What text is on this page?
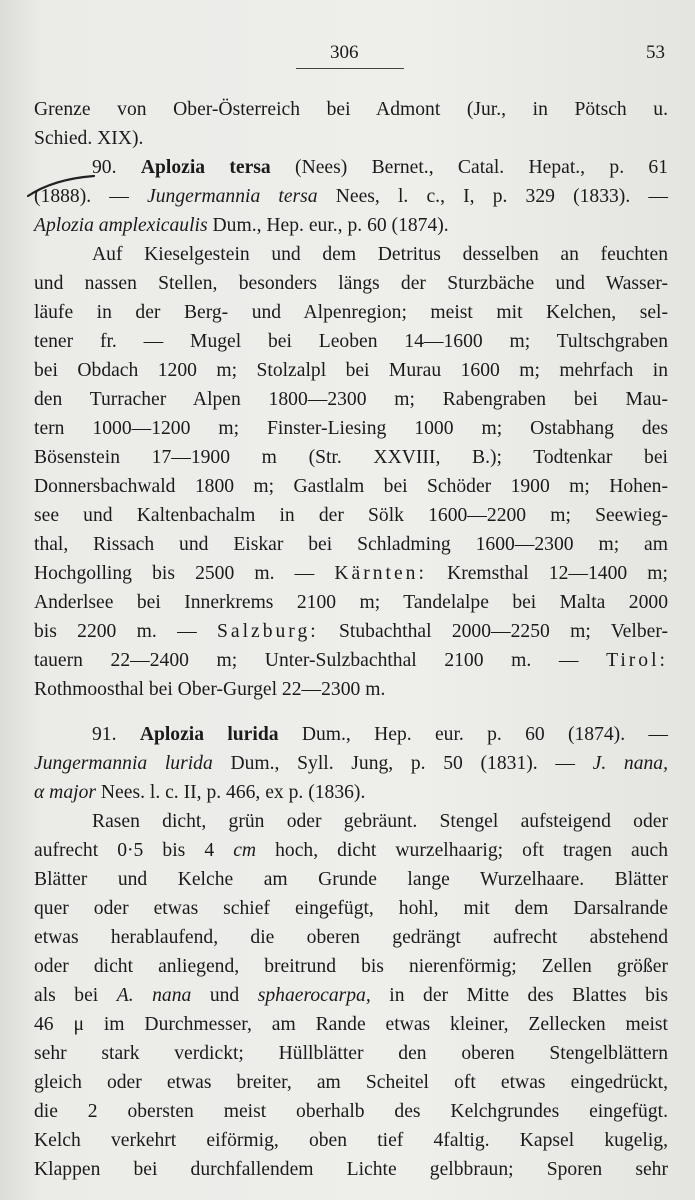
306	53
Grenze von Ober-Österreich bei Admont (Jur., in Pötsch u.
Schied. XIX).
90. Aplozia tersa (Nees) Bernet., Catal. Hepat., p. 61
(1888). — Jungermannia tersa Nees, l. c., I, p. 329 (1833). —
Aplozia amplexicaulis Dum., Hep. eur., p. 60 (1874).
Auf Kieselgestein und dem Detritus desselben an feuchten
und nassen Stellen, besonders längs der Sturzbäche und Wasser-
läufe in der Berg- und Alpenregion; meist mit Kelchen, sel-
tener fr. — Mugel bei Leoben 14—1600 m; Tultschgraben
bei Obdach 1200 m; Stolzalpl bei Murau 1600 m; mehrfach in
den Turracher Alpen 1800—2300 m; Rabengraben bei Mau-
tern 1000—1200 m; Finster-Liesing 1000 m; Ostabhang des
Bösenstein 17—1900 m (Str. XXVIII, B.); Todtenkar bei
Donnersbachwald 1800 m; Gastlalm bei Schöder 1900 m; Hohen-
see und Kaltenbachalm in der Sölk 1600—2200 m; Seewieg-
thal, Rissach und Eiskar bei Schladming 1600—2300 m; am
Hochgolling bis 2500 m. — Kärnten: Kremsthal 12—1400 m;
Anderlsee bei Innerkrems 2100 m; Tandelalpe bei Malta 2000
bis 2200 m. — Salzburg: Stubachthal 2000—2250 m; Velber-
tauern 22—2400 m; Unter-Sulzbachthal 2100 m. — Tirol:
Rothmoosthal bei Ober-Gurgel 22—2300 m.
91. Aplozia lurida Dum., Hep. eur. p. 60 (1874). —
Jungermannia lurida Dum., Syll. Jung, p. 50 (1831). — J. nana,
α major Nees. l. c. II, p. 466, ex p. (1836).
Rasen dicht, grün oder gebräunt. Stengel aufsteigend oder
aufrecht 0·5 bis 4 cm hoch, dicht wurzelhaarig; oft tragen auch
Blätter und Kelche am Grunde lange Wurzelhaare. Blätter
quer oder etwas schief eingefügt, hohl, mit dem Darsalrande
etwas herablaufend, die oberen gedrängt aufrecht abstehend
oder dicht anliegend, breitrund bis nierenförmig; Zellen größer
als bei A. nana und sphaerocarpa, in der Mitte des Blattes bis
46 μ im Durchmesser, am Rande etwas kleiner, Zellecken meist
sehr stark verdickt; Hüllblätter den oberen Stengelblättern
gleich oder etwas breiter, am Scheitel oft etwas eingedrückt,
die 2 obersten meist oberhalb des Kelchgrundes eingefügt.
Kelch verkehrt eiförmig, oben tief 4faltig. Kapsel kugelig,
Klappen bei durchfallendem Lichte gelbbraun; Sporen sehr
